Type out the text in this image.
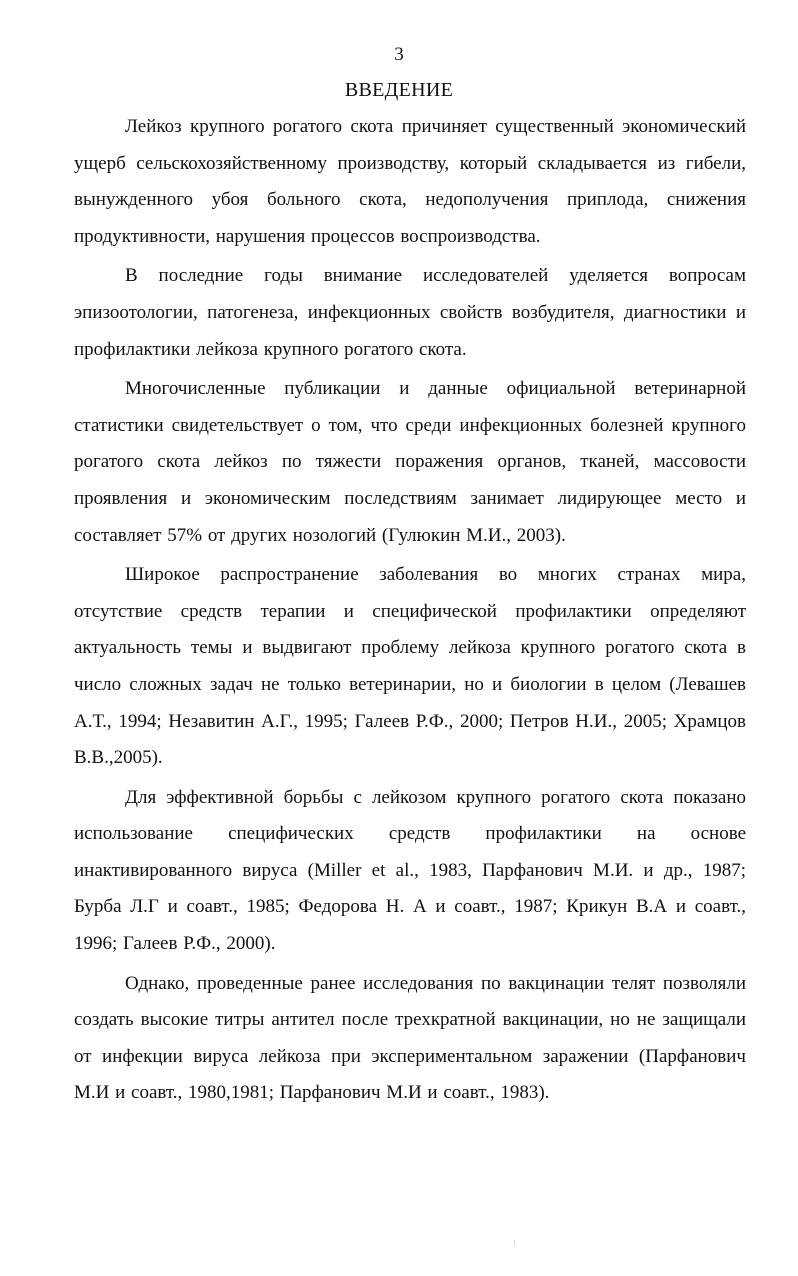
3
ВВЕДЕНИЕ

Лейкоз крупного рогатого скота причиняет существенный экономический ущерб сельскохозяйственному производству, который складывается из гибели, вынужденного убоя больного скота, недополучения приплода, снижения продуктивности, нарушения процессов воспроизводства.

В последние годы внимание исследователей уделяется вопросам эпизоотологии, патогенеза, инфекционных свойств возбудителя, диагностики и профилактики лейкоза крупного рогатого скота.

Многочисленные публикации и данные официальной ветеринарной статистики свидетельствует о том, что среди инфекционных болезней крупного рогатого скота лейкоз по тяжести поражения органов, тканей, массовости проявления и экономическим последствиям занимает лидирующее место и составляет 57% от других нозологий (Гулюкин М.И., 2003).

Широкое распространение заболевания во многих странах мира, отсутствие средств терапии и специфической профилактики определяют актуальность темы и выдвигают проблему лейкоза крупного рогатого скота в число сложных задач не только ветеринарии, но и биологии в целом (Левашев А.Т., 1994; Незавитин А.Г., 1995; Галеев Р.Ф., 2000; Петров Н.И., 2005; Храмцов В.В.,2005).

Для эффективной борьбы с лейкозом крупного рогатого скота показано использование специфических средств профилактики на основе инактивированного вируса (Miller et al., 1983, Парфанович М.И. и др., 1987; Бурба Л.Г и соавт., 1985; Федорова Н. А и соавт., 1987; Крикун В.А и соавт., 1996; Галеев Р.Ф., 2000).

Однако, проведенные ранее исследования по вакцинации телят позволяли создать высокие титры антител после трехкратной вакцинации, но не защищали от инфекции вируса лейкоза при экспериментальном заражении (Парфанович М.И и соавт., 1980,1981; Парфанович М.И и соавт., 1983).
